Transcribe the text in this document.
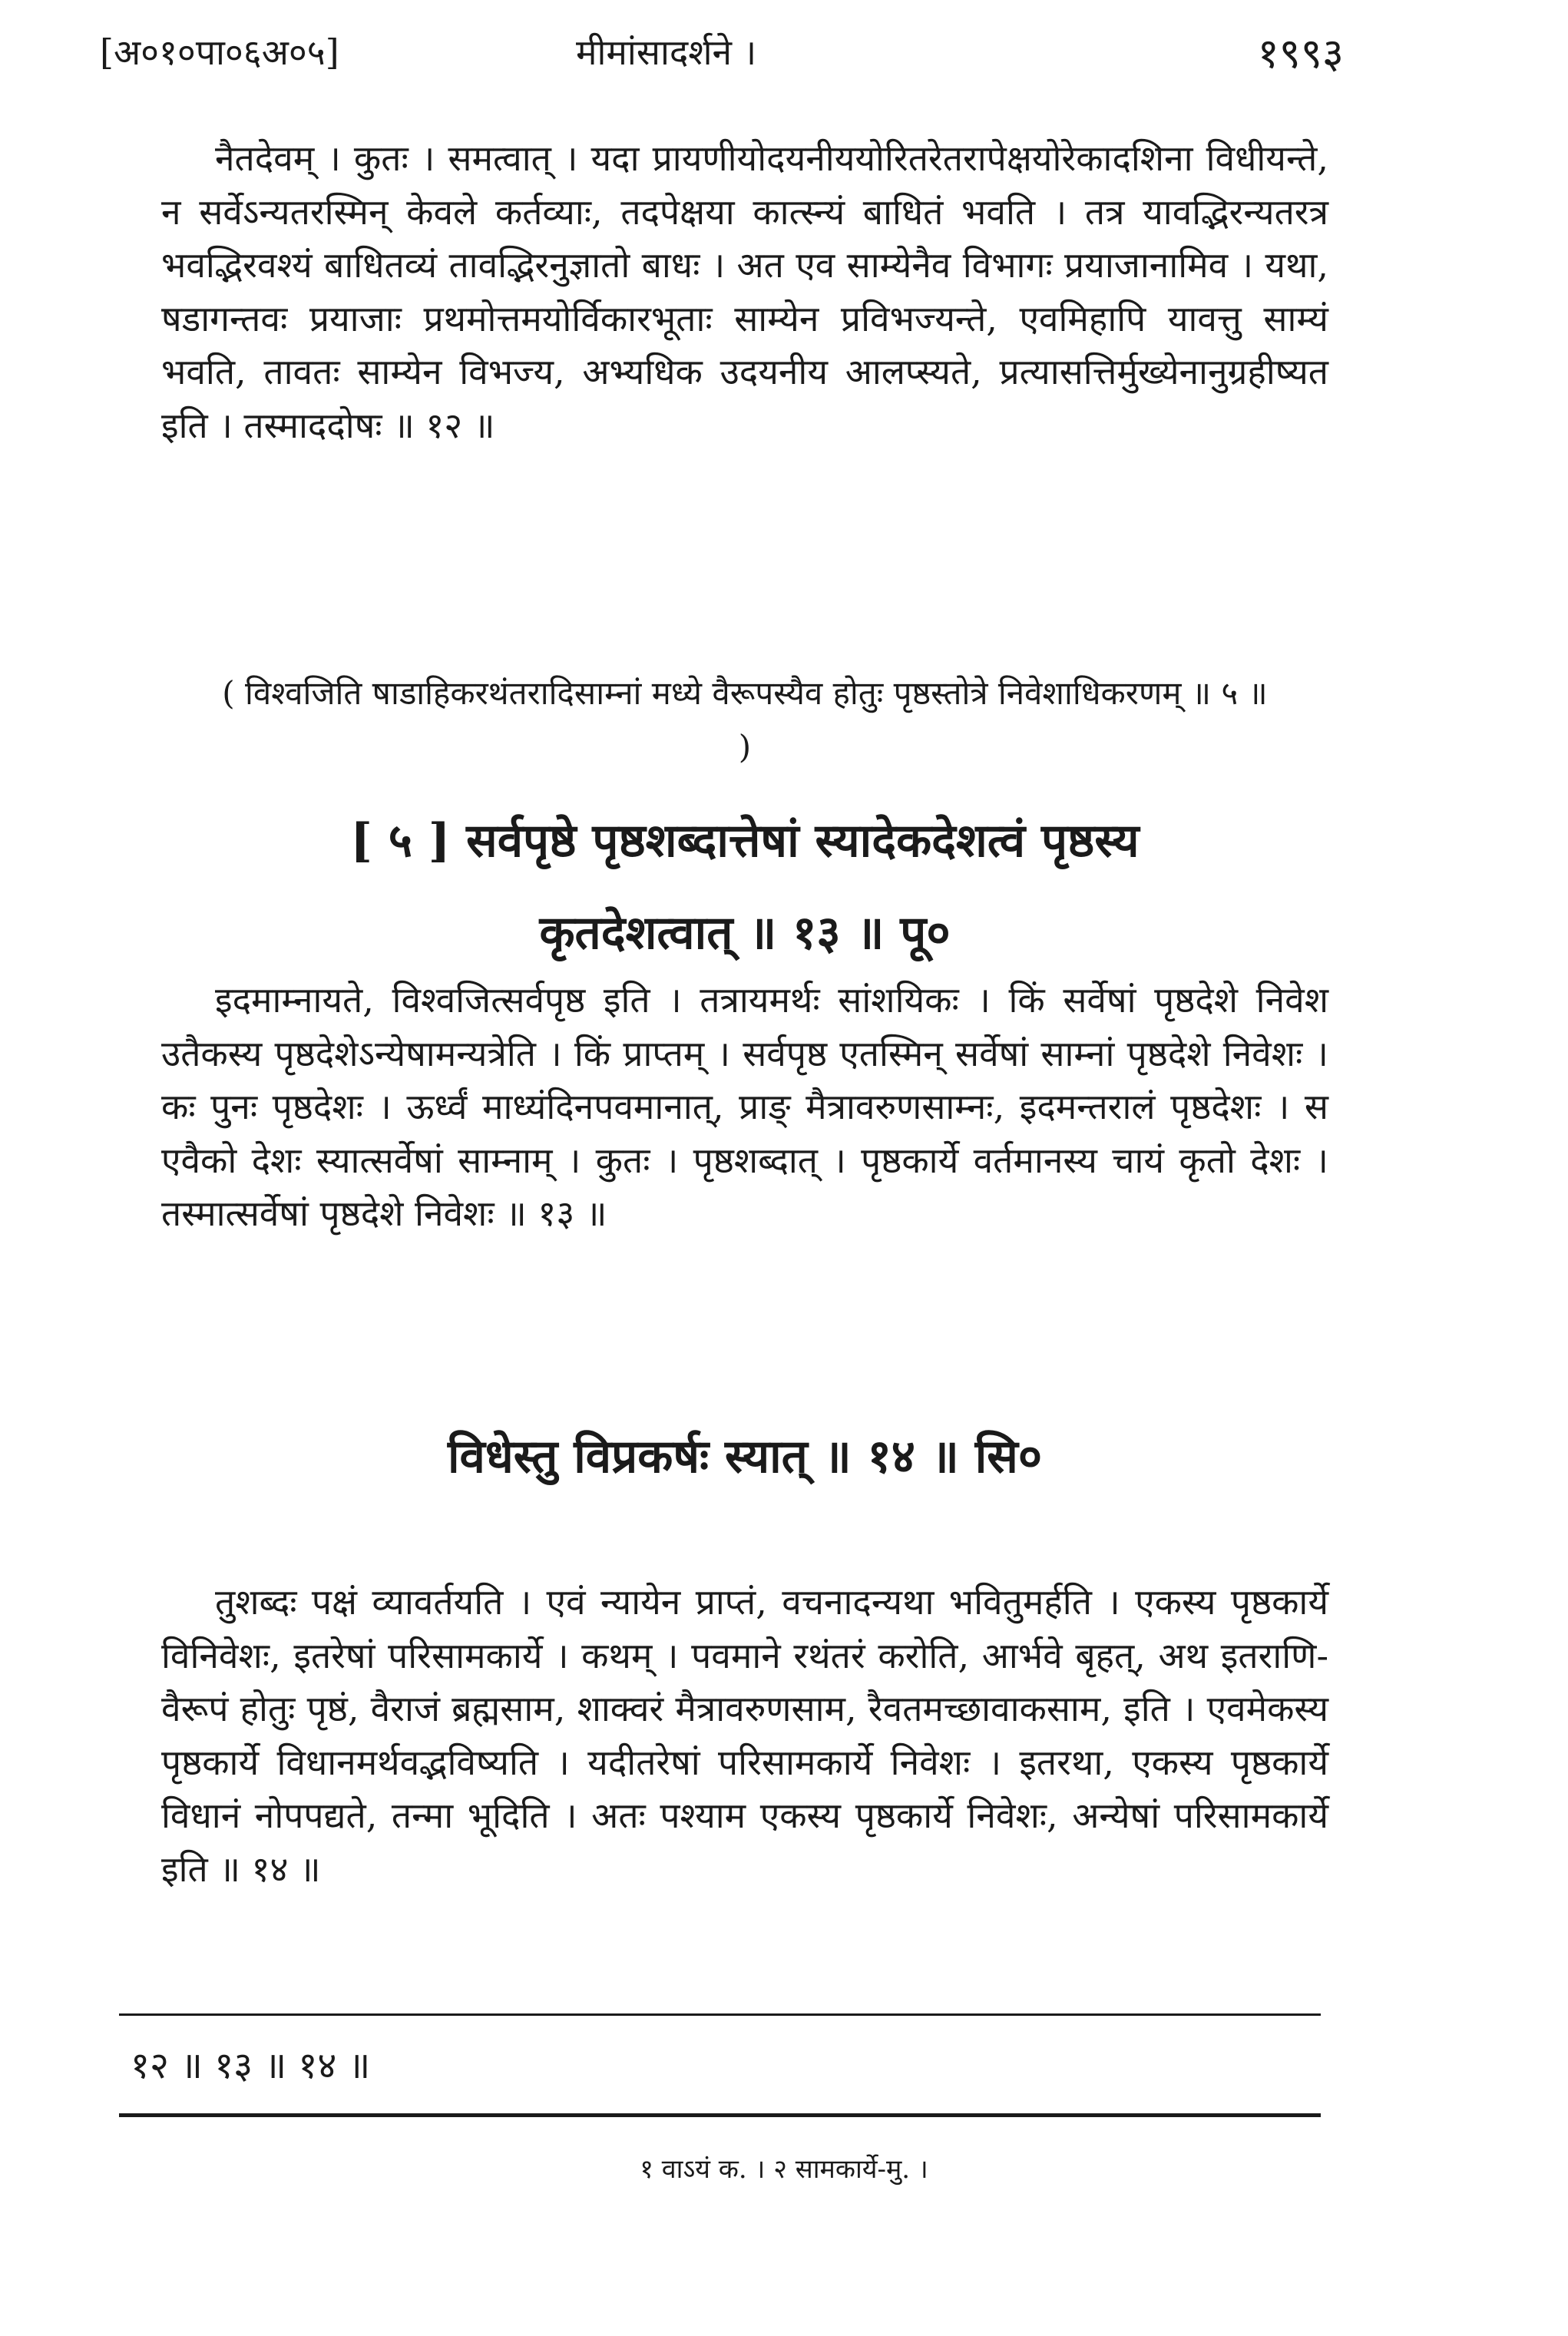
[अ०१०पा०६अ०५]	मीमांसादर्शने ।	१९९३

नैतदेवम् । कुतः । समत्वात् । यदा प्रायणीयोदयनीययोरितरेतरापेक्षयोरेकादशिना विधीयन्ते, न सर्वेऽन्यतरस्मिन् केवले कर्तव्याः, तदपेक्षया कात्स्न्यं बाधितं भवति । तत्र यावद्भिरन्यतरत्र भवद्भिरवश्यं बाधितव्यं तावद्भिरनुज्ञातो बाधः । अत एव साम्येनैव विभागः प्रयाजानामिव । यथा, षडागन्तवः प्रयाजाः प्रथमोत्तमयोर्विकारभूताः साम्येन प्रविभज्यन्ते, एवमिहापि यावत्तु साम्यं भवति, तावतः साम्येन विभज्य, अभ्यधिक उदयनीय आलप्स्यते, प्रत्यासत्तिर्मुख्येनानुग्रहीष्यत इति । तस्माददोषः ॥ १२ ॥

( विश्वजिति षाडाहिकरथंतरादिसाम्नां मध्ये वैरूपस्यैव होतुः पृष्ठस्तोत्रे निवेशाधिकरणम् ॥ ५ ॥ )
[ ५ ] सर्वपृष्ठे पृष्ठशब्दात्तेषां स्यादेकदेशत्वं पृष्ठस्य
कृतदेशत्वात् ॥ १३ ॥ पू०

इदमाम्नायते, विश्वजित्सर्वपृष्ठ इति । तत्रायमर्थः सांशयिकः । किं सर्वेषां पृष्ठदेशे निवेश उतैकस्य पृष्ठदेशेऽन्येषामन्यत्रेति । किं प्राप्तम् । सर्वपृष्ठ एतस्मिन् सर्वेषां साम्नां पृष्ठदेशे निवेशः । कः पुनः पृष्ठदेशः । ऊर्ध्वं माध्यंदिनपवमानात्, प्राङ् मैत्रावरुणसाम्नः, इदमन्तरालं पृष्ठदेशः । स एवैको देशः स्यात्सर्वेषां साम्नाम् । कुतः । पृष्ठशब्दात् । पृष्ठकार्ये वर्तमानस्य चायं कृतो देशः । तस्मात्सर्वेषां पृष्ठदेशे निवेशः ॥ १३ ॥

विधेस्तु विप्रकर्षः स्यात् ॥ १४ ॥ सि०

तुशब्दः पक्षं व्यावर्तयति । एवं न्यायेन प्राप्तं, वचनादन्यथा भवितुमर्हति । एकस्य पृष्ठकार्ये विनिवेशः, इतरेषां परिसामकार्ये । कथम् । पवमाने रथंतरं करोति, आर्भवे बृहत्, अथ इतराणि-वैरूपं होतुः पृष्ठं, वैराजं ब्रह्मसाम, शाक्वरं मैत्रावरुणसाम, रैवतमच्छावाकसाम, इति । एवमेकस्य पृष्ठकार्ये विधानमर्थवद्भविष्यति । यदीतरेषां परिसामकार्ये निवेशः । इतरथा, एकस्य पृष्ठकार्ये विधानं नोपपद्यते, तन्मा भूदिति । अतः पश्याम एकस्य पृष्ठकार्ये निवेशः, अन्येषां परिसामकार्ये इति ॥ १४ ॥

१२ ॥ १३ ॥ १४ ॥
१ वाऽयं क. । २ सामकार्ये-मु. ।
